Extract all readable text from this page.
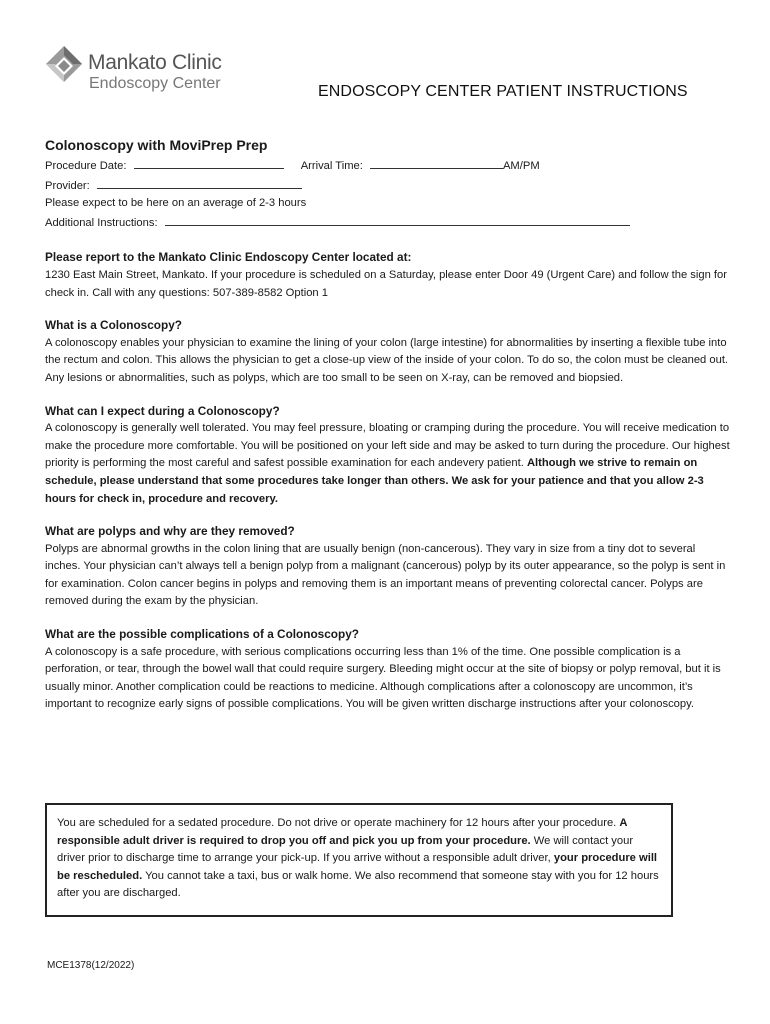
Mankato Clinic
Endoscopy Center	ENDOSCOPY CENTER PATIENT INSTRUCTIONS
Colonoscopy with MoviPrep Prep
Procedure Date:	Arrival Time:	AM/PM
Provider:
Please expect to be here on an average of 2-3 hours
Additional Instructions:
Please report to the Mankato Clinic Endoscopy Center located at:

1230 East Main Street, Mankato. If your procedure is scheduled on a Saturday, please enter Door 49 (Urgent Care) and follow the sign for check in. Call with any questions: 507-389-8582 Option 1

What is a Colonoscopy?

A colonoscopy enables your physician to examine the lining of your colon (large intestine) for abnormalities by inserting a flexible tube into the rectum and colon. This allows the physician to get a close-up view of the inside of your colon. To do so, the colon must be cleaned out. Any lesions or abnormalities, such as polyps, which are too small to be seen on X-ray, can be removed and biopsied.

What can I expect during a Colonoscopy?

A colonoscopy is generally well tolerated. You may feel pressure, bloating or cramping during the procedure. You will receive medication to make the procedure more comfortable. You will be positioned on your left side and may be asked to turn during the procedure. Our highest priority is performing the most careful and safest possible examination for each andevery patient. Although we strive to remain on schedule, please understand that some procedures take longer than others. We ask for your patience and that you allow 2-3 hours for check in, procedure and recovery.

What are polyps and why are they removed?

Polyps are abnormal growths in the colon lining that are usually benign (non-cancerous). They vary in size from a tiny dot to several inches. Your physician can’t always tell a benign polyp from a malignant (cancerous) polyp by its outer appearance, so the polyp is sent in for examination. Colon cancer begins in polyps and removing them is an important means of preventing colorectal cancer. Polyps are removed during the exam by the physician.

What are the possible complications of a Colonoscopy?

A colonoscopy is a safe procedure, with serious complications occurring less than 1% of the time. One possible complication is a perforation, or tear, through the bowel wall that could require surgery. Bleeding might occur at the site of biopsy or polyp removal, but it is usually minor. Another complication could be reactions to medicine. Although complications after a colonoscopy are uncommon, it’s important to recognize early signs of possible complications. You will be given written discharge instructions after your colonoscopy.

You are scheduled for a sedated procedure. Do not drive or operate machinery for 12 hours after your procedure. A responsible adult driver is required to drop you off and pick you up from your procedure. We will contact your driver prior to discharge time to arrange your pick-up. If you arrive without a responsible adult driver, your procedure will be rescheduled. You cannot take a taxi, bus or walk home. We also recommend that someone stay with you for 12 hours after you are discharged.
MCE1378(12/2022)
